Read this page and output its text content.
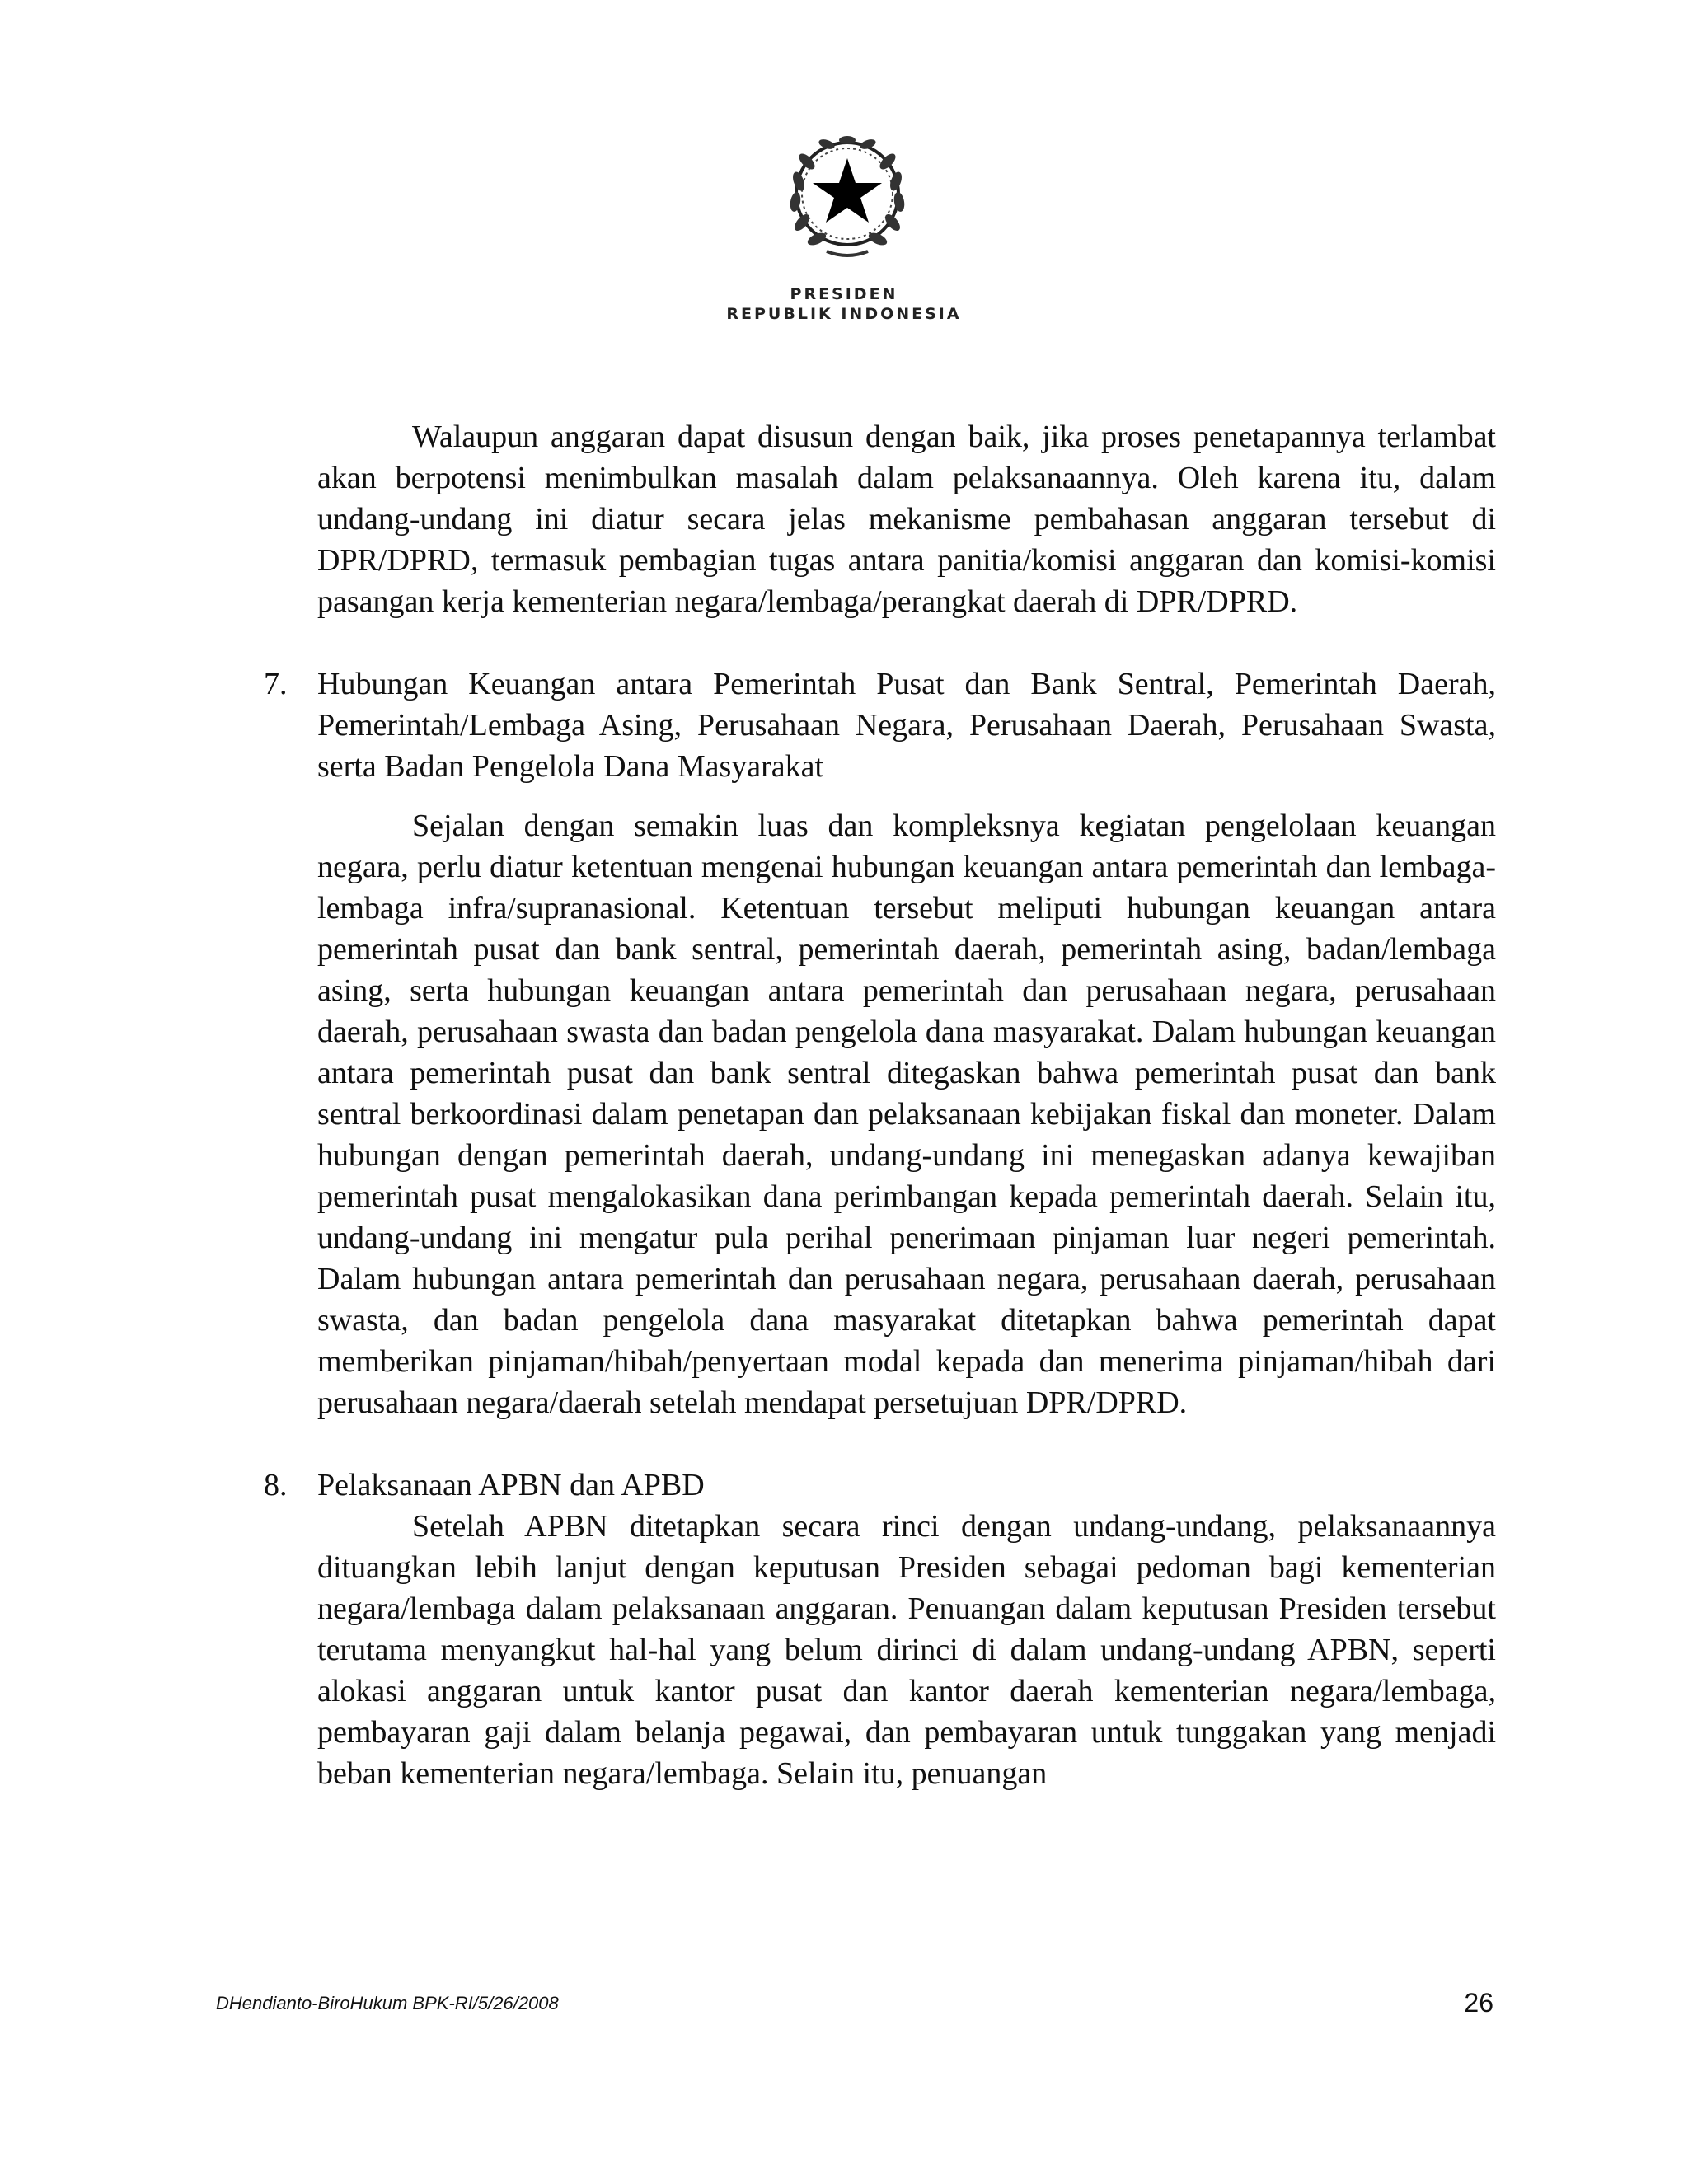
PRESIDEN
REPUBLIK INDONESIA

Walaupun anggaran dapat disusun dengan baik, jika proses penetapannya terlambat akan berpotensi menimbulkan masalah dalam pelaksanaannya. Oleh karena itu, dalam undang-undang ini diatur secara jelas mekanisme pembahasan anggaran tersebut di DPR/DPRD, termasuk pembagian tugas antara panitia/komisi anggaran dan komisi-komisi pasangan kerja kementerian negara/lembaga/perangkat daerah di DPR/DPRD.

7. Hubungan Keuangan antara Pemerintah Pusat dan Bank Sentral, Pemerintah Daerah, Pemerintah/Lembaga Asing, Perusahaan Negara, Perusahaan Daerah, Perusahaan Swasta, serta Badan Pengelola Dana Masyarakat

Sejalan dengan semakin luas dan kompleksnya kegiatan pengelolaan keuangan negara, perlu diatur ketentuan mengenai hubungan keuangan antara pemerintah dan lembaga-lembaga infra/supranasional. Ketentuan tersebut meliputi hubungan keuangan antara pemerintah pusat dan bank sentral, pemerintah daerah, pemerintah asing, badan/lembaga asing, serta hubungan keuangan antara pemerintah dan perusahaan negara, perusahaan daerah, perusahaan swasta dan badan pengelola dana masyarakat. Dalam hubungan keuangan antara pemerintah pusat dan bank sentral ditegaskan bahwa pemerintah pusat dan bank sentral berkoordinasi dalam penetapan dan pelaksanaan kebijakan fiskal dan moneter. Dalam hubungan dengan pemerintah daerah, undang-undang ini menegaskan adanya kewajiban pemerintah pusat mengalokasikan dana perimbangan kepada pemerintah daerah. Selain itu, undang-undang ini mengatur pula perihal penerimaan pinjaman luar negeri pemerintah. Dalam hubungan antara pemerintah dan perusahaan negara, perusahaan daerah, perusahaan swasta, dan badan pengelola dana masyarakat ditetapkan bahwa pemerintah dapat memberikan pinjaman/hibah/penyertaan modal kepada dan menerima pinjaman/hibah dari perusahaan negara/daerah setelah mendapat persetujuan DPR/DPRD.

8. Pelaksanaan APBN dan APBD

Setelah APBN ditetapkan secara rinci dengan undang-undang, pelaksanaannya dituangkan lebih lanjut dengan keputusan Presiden sebagai pedoman bagi kementerian negara/lembaga dalam pelaksanaan anggaran. Penuangan dalam keputusan Presiden tersebut terutama menyangkut hal-hal yang belum dirinci di dalam undang-undang APBN, seperti alokasi anggaran untuk kantor pusat dan kantor daerah kementerian negara/lembaga, pembayaran gaji dalam belanja pegawai, dan pembayaran untuk tunggakan yang menjadi beban kementerian negara/lembaga. Selain itu, penuangan

DHendianto-BiroHukum BPK-RI/5/26/2008	26
